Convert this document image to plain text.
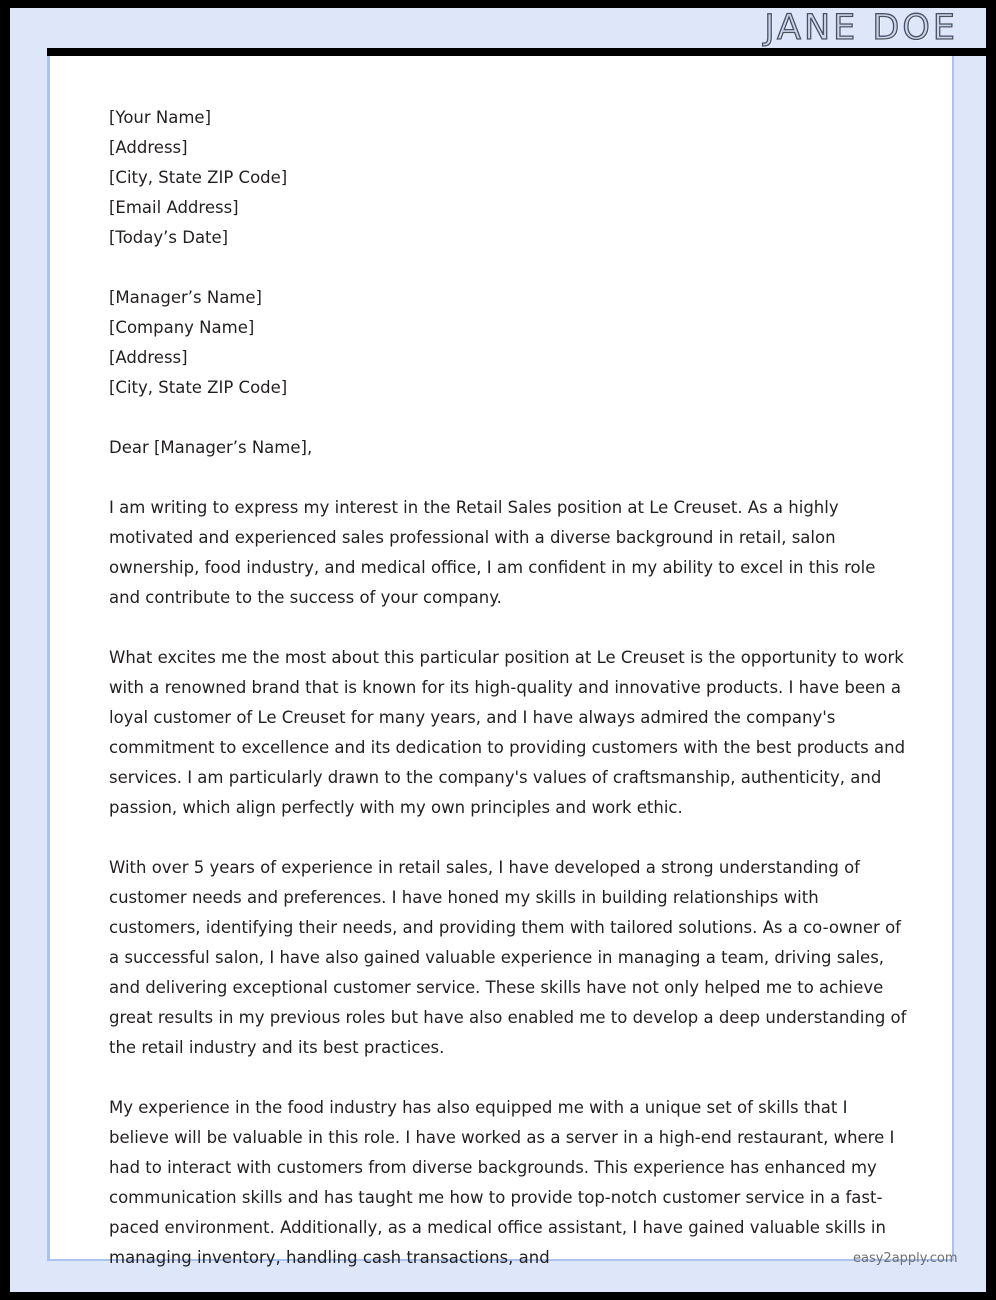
JANE DOE
[Your Name]
[Address]
[City, State ZIP Code]
[Email Address]
[Today’s Date]
[Manager’s Name]
[Company Name]
[Address]
[City, State ZIP Code]
Dear [Manager’s Name],

I am writing to express my interest in the Retail Sales position at Le Creuset. As a highly motivated and experienced sales professional with a diverse background in retail, salon ownership, food industry, and medical office, I am confident in my ability to excel in this role and contribute to the success of your company.

What excites me the most about this particular position at Le Creuset is the opportunity to work with a renowned brand that is known for its high-quality and innovative products. I have been a loyal customer of Le Creuset for many years, and I have always admired the company's commitment to excellence and its dedication to providing customers with the best products and services. I am particularly drawn to the company's values of craftsmanship, authenticity, and passion, which align perfectly with my own principles and work ethic.

With over 5 years of experience in retail sales, I have developed a strong understanding of customer needs and preferences. I have honed my skills in building relationships with customers, identifying their needs, and providing them with tailored solutions. As a co-owner of a successful salon, I have also gained valuable experience in managing a team, driving sales, and delivering exceptional customer service. These skills have not only helped me to achieve great results in my previous roles but have also enabled me to develop a deep understanding of the retail industry and its best practices.

My experience in the food industry has also equipped me with a unique set of skills that I believe will be valuable in this role. I have worked as a server in a high-end restaurant, where I had to interact with customers from diverse backgrounds. This experience has enhanced my communication skills and has taught me how to provide top-notch customer service in a fast-paced environment. Additionally, as a medical office assistant, I have gained valuable skills in managing inventory, handling cash transactions, and	easy2apply.com
